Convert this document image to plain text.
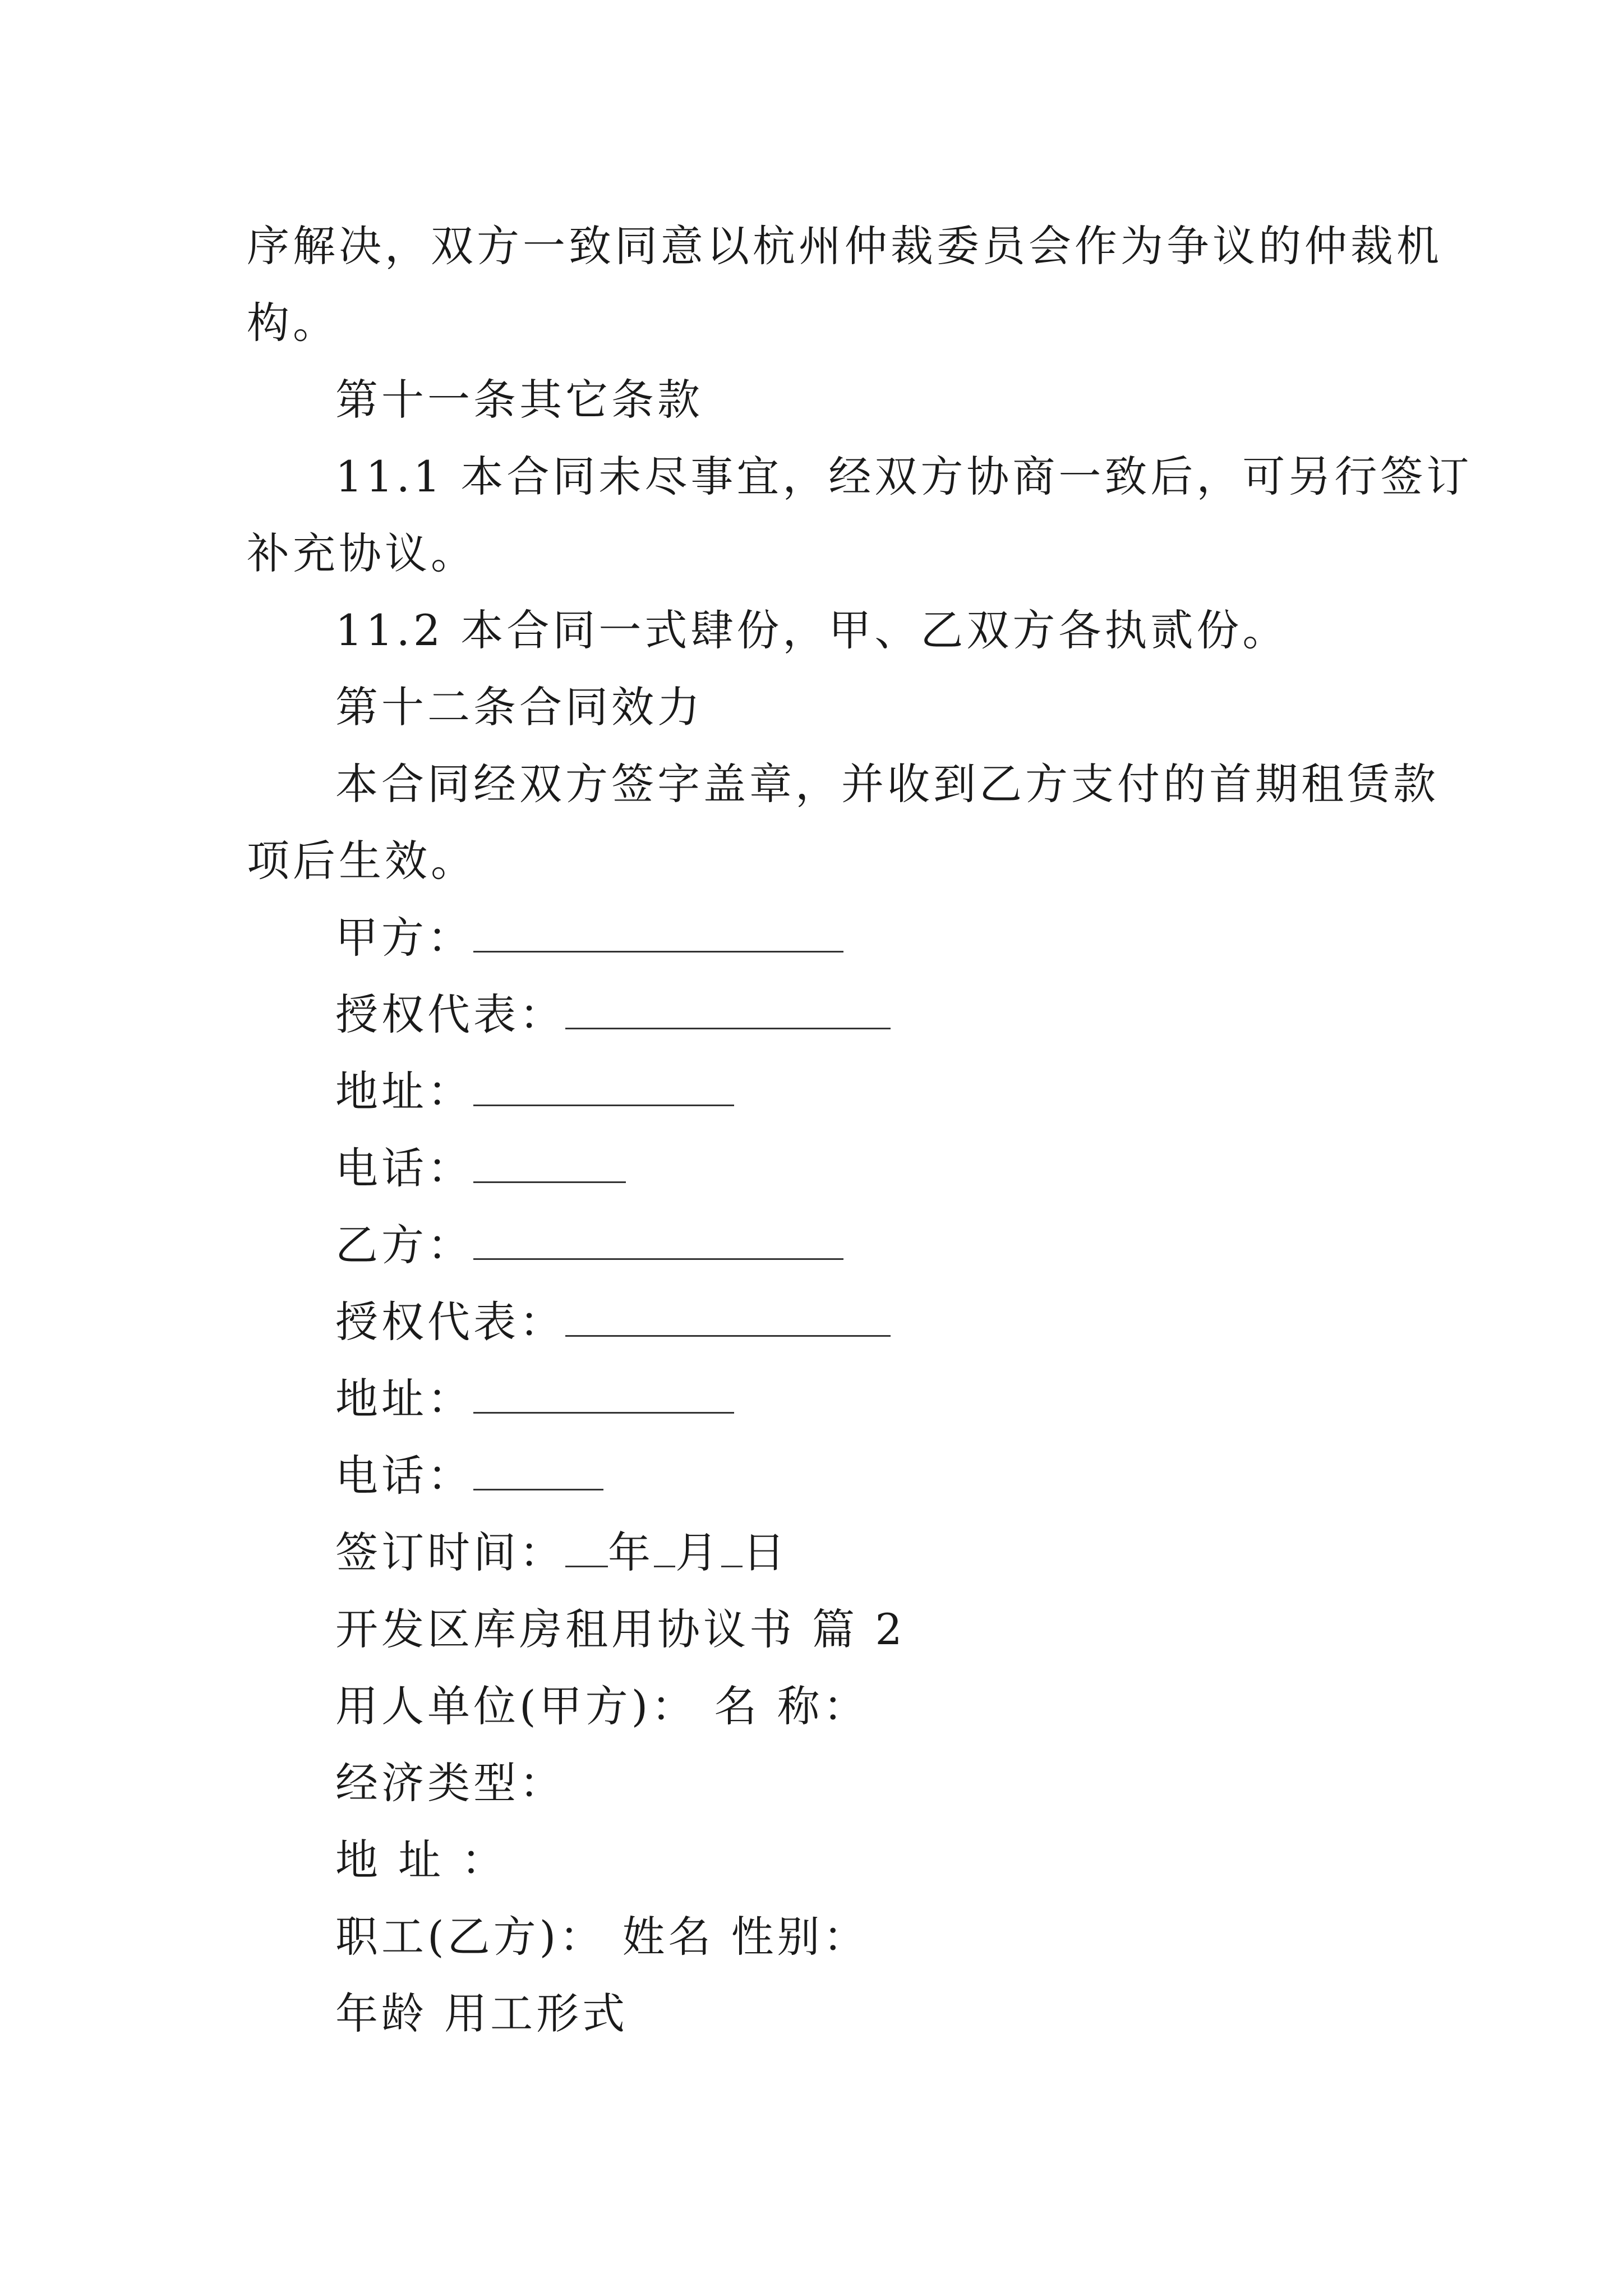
序解决，双方一致同意以杭州仲裁委员会作为争议的仲裁机
构。
第十一条其它条款
11.1 本合同未尽事宜，经双方协商一致后，可另行签订
补充协议。
11.2 本合同一式肆份，甲、乙双方各执贰份。
第十二条合同效力
本合同经双方签字盖章，并收到乙方支付的首期租赁款
项后生效。
甲方：
授权代表：
地址：
电话：
乙方：
授权代表：
地址：
电话：
签订时间： 年 月 日
开发区库房租用协议书 篇 2
用人单位(甲方)： 名 称：
经济类型：
地 址 ：
职工(乙方)： 姓名 性别：
年龄 用工形式
